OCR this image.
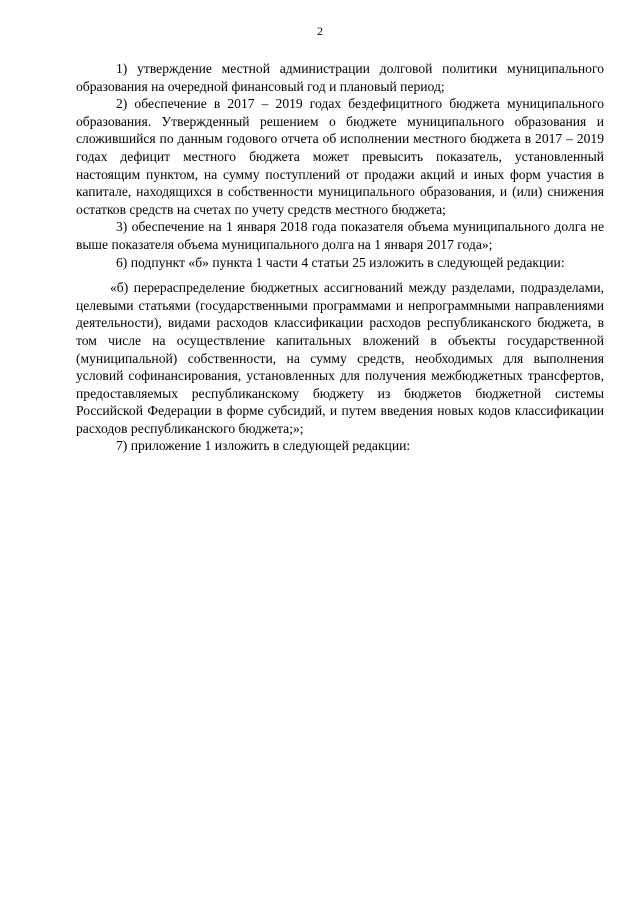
2

1) утверждение местной администрации долговой политики муниципального образования на очередной финансовый год и плановый период;

2) обеспечение в 2017 – 2019 годах бездефицитного бюджета муниципального образования. Утвержденный решением о бюджете муниципального образования и сложившийся по данным годового отчета об исполнении местного бюджета в 2017 – 2019 годах дефицит местного бюджета может превысить показатель, установленный настоящим пунктом, на сумму поступлений от продажи акций и иных форм участия в капитале, находящихся в собственности муниципального образования, и (или) снижения остатков средств на счетах по учету средств местного бюджета;

3) обеспечение на 1 января 2018 года показателя объема муниципального долга не выше показателя объема муниципального долга на 1 января 2017 года»;

6) подпункт «б» пункта 1 части 4 статьи 25 изложить в следующей редакции:

«б) перераспределение бюджетных ассигнований между разделами, подразделами, целевыми статьями (государственными программами и непрограммными направлениями деятельности), видами расходов классификации расходов республиканского бюджета, в том числе на осуществление капитальных вложений в объекты государственной (муниципальной) собственности, на сумму средств, необходимых для выполнения условий софинансирования, установленных для получения межбюджетных трансфертов, предоставляемых республиканскому бюджету из бюджетов бюджетной системы Российской Федерации в форме субсидий, и путем введения новых кодов классификации расходов республиканского бюджета;»;

7) приложение 1 изложить в следующей редакции:
